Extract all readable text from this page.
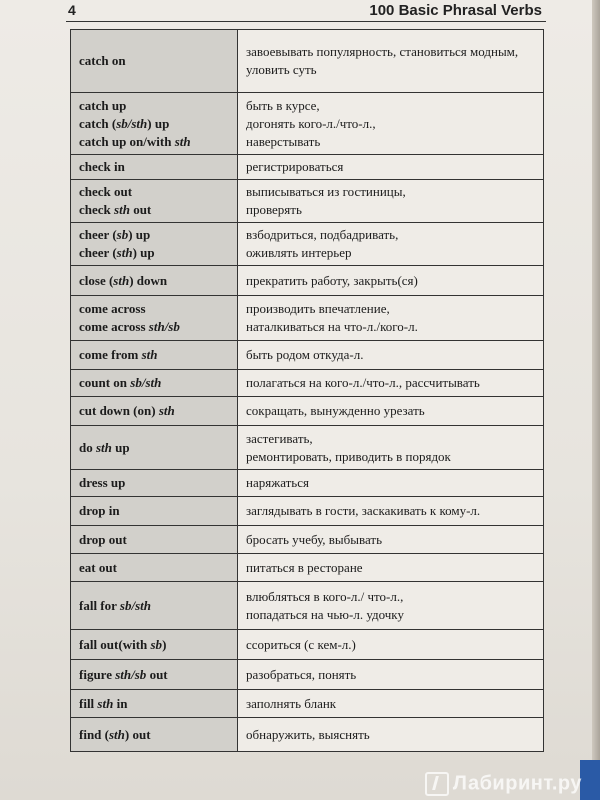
4	100 Basic Phrasal Verbs
catch on	завоевывать популярность, становиться модным,
уловить суть

catch up
catch (sb/sth) up
catch up on/with sth	быть в курсе,
догонять кого-л./что-л.,
наверстывать

check in	регистрироваться

check out
check sth out	выписываться из гостиницы,
проверять

cheer (sb) up
cheer (sth) up	взбодриться, подбадривать,
оживлять интерьер

close (sth) down	прекратить работу, закрыть(ся)

come across
come across sth/sb	производить впечатление,
наталкиваться на что-л./кого-л.

come from sth	быть родом откуда-л.

count on sb/sth	полагаться на кого-л./что-л., рассчитывать

cut down (on) sth	сокращать, вынужденно урезать

do sth up	застегивать,
ремонтировать, приводить в порядок

dress up	наряжаться

drop in	заглядывать в гости, заскакивать к кому-л.

drop out	бросать учебу, выбывать

eat out	питаться в ресторане

fall for sb/sth	влюбляться в кого-л./ что-л.,
попадаться на чью-л. удочку

fall out(with sb)	ссориться (с кем-л.)

figure sth/sb out	разобраться, понять

fill sth in	заполнять бланк

find (sth) out	обнаружить, выяснять
Лабиринт.ру
